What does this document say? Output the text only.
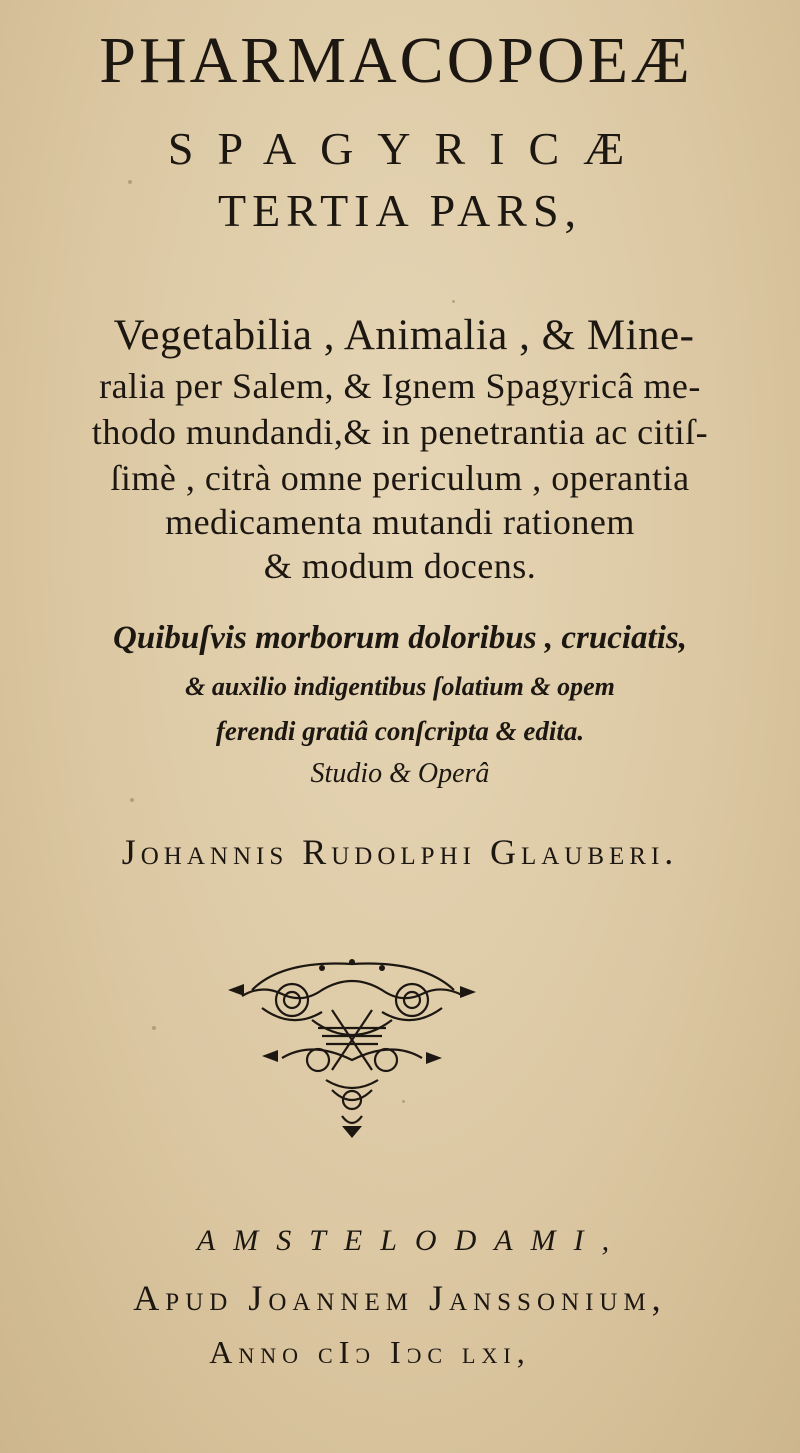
PHARMACOPOEÆ
SPAGYRICÆ
TERTIA PARS,
Vegetabilia , Animalia , & Mine-
ralia per Salem, & Ignem Spagyricâ me-
thodo mundandi,& in penetrantia ac citiſ-
ſimè , citrà omne periculum , operantia
medicamenta mutandi rationem
& modum docens.
Quibuſvis morborum doloribus , cruciatis,
& auxilio indigentibus ſolatium & opem
ferendi gratiâ conſcripta & edita.
Studio & Operâ
Johannis Rudolphi Glauberi.
AMSTELODAMI,
Apud Joannem Janssonium,
Anno cIɔ Iɔc lxi,
